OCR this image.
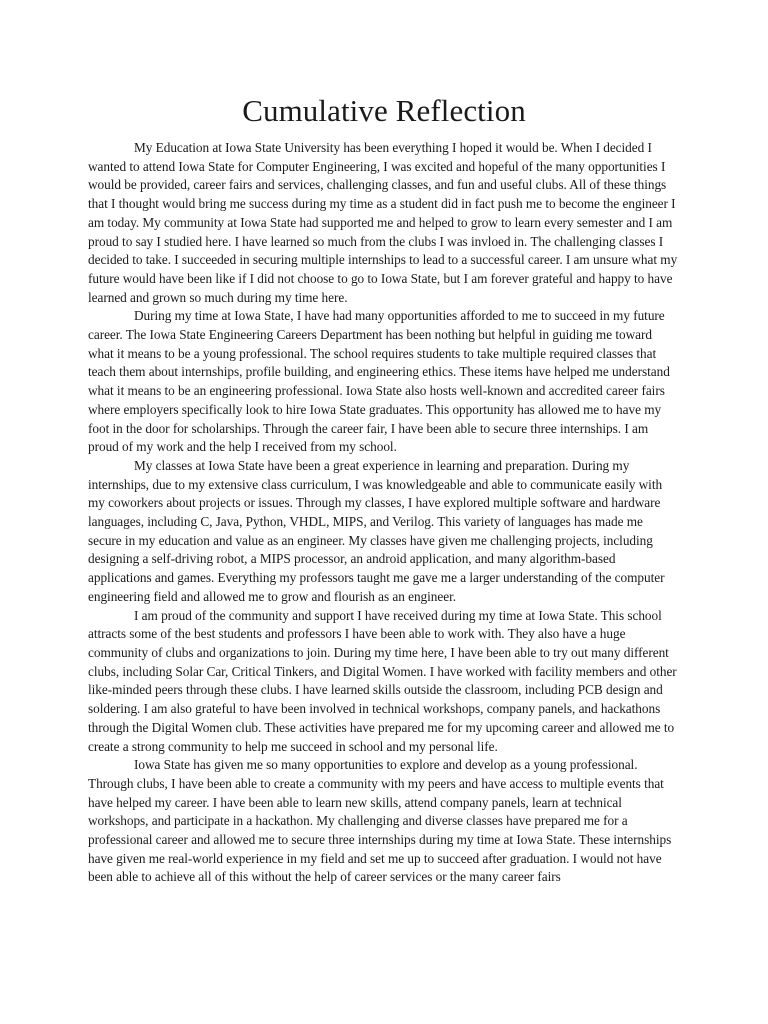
Cumulative Reflection

My Education at Iowa State University has been everything I hoped it would be. When I decided I wanted to attend Iowa State for Computer Engineering, I was excited and hopeful of the many opportunities I would be provided, career fairs and services, challenging classes, and fun and useful clubs. All of these things that I thought would bring me success during my time as a student did in fact push me to become the engineer I am today. My community at Iowa State had supported me and helped to grow to learn every semester and I am proud to say I studied here. I have learned so much from the clubs I was invloed in. The challenging classes I decided to take. I succeeded in securing multiple internships to lead to a successful career. I am unsure what my future would have been like if I did not choose to go to Iowa State, but I am forever grateful and happy to have learned and grown so much during my time here.

During my time at Iowa State, I have had many opportunities afforded to me to succeed in my future career. The Iowa State Engineering Careers Department has been nothing but helpful in guiding me toward what it means to be a young professional. The school requires students to take multiple required classes that teach them about internships, profile building, and engineering ethics. These items have helped me understand what it means to be an engineering professional. Iowa State also hosts well-known and accredited career fairs where employers specifically look to hire Iowa State graduates. This opportunity has allowed me to have my foot in the door for scholarships. Through the career fair, I have been able to secure three internships. I am proud of my work and the help I received from my school.

My classes at Iowa State have been a great experience in learning and preparation. During my internships, due to my extensive class curriculum, I was knowledgeable and able to communicate easily with my coworkers about projects or issues. Through my classes, I have explored multiple software and hardware languages, including C, Java, Python, VHDL, MIPS, and Verilog. This variety of languages has made me secure in my education and value as an engineer. My classes have given me challenging projects, including designing a self-driving robot, a MIPS processor, an android application, and many algorithm-based applications and games. Everything my professors taught me gave me a larger understanding of the computer engineering field and allowed me to grow and flourish as an engineer.

I am proud of the community and support I have received during my time at Iowa State. This school attracts some of the best students and professors I have been able to work with. They also have a huge community of clubs and organizations to join. During my time here, I have been able to try out many different clubs, including Solar Car, Critical Tinkers, and Digital Women. I have worked with facility members and other like-minded peers through these clubs. I have learned skills outside the classroom, including PCB design and soldering. I am also grateful to have been involved in technical workshops, company panels, and hackathons through the Digital Women club. These activities have prepared me for my upcoming career and allowed me to create a strong community to help me succeed in school and my personal life.

Iowa State has given me so many opportunities to explore and develop as a young professional. Through clubs, I have been able to create a community with my peers and have access to multiple events that have helped my career. I have been able to learn new skills, attend company panels, learn at technical workshops, and participate in a hackathon. My challenging and diverse classes have prepared me for a professional career and allowed me to secure three internships during my time at Iowa State. These internships have given me real-world experience in my field and set me up to succeed after graduation. I would not have been able to achieve all of this without the help of career services or the many career fairs
